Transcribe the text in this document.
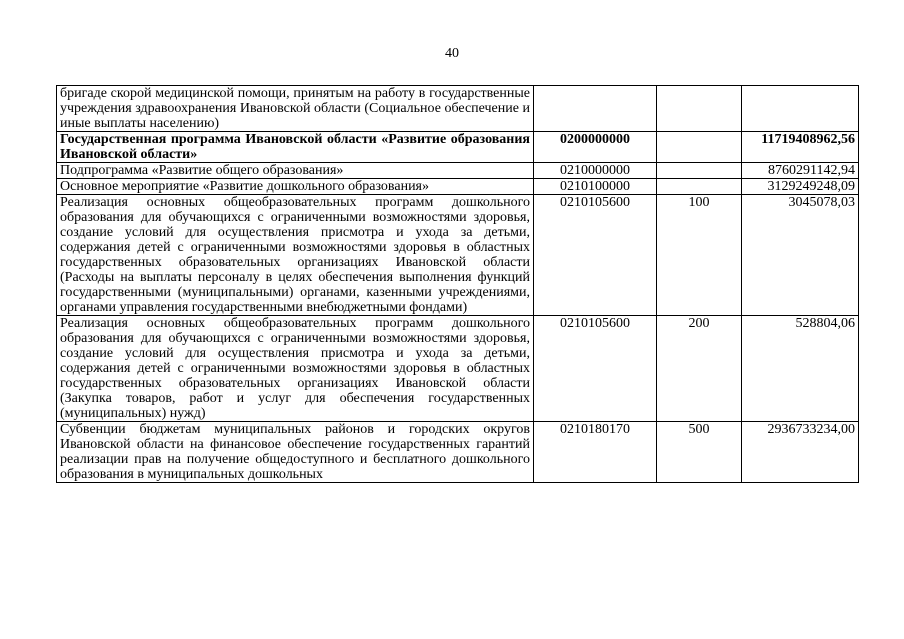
40
бригаде скорой медицинской помощи, принятым на работу в государственные учреждения здравоохранения Ивановской области (Социальное обеспечение и иные выплаты населению)			
Государственная программа Ивановской области «Развитие образования Ивановской области»	0200000000		11719408962,56
Подпрограмма «Развитие общего образования»	0210000000		8760291142,94
Основное мероприятие «Развитие дошкольного образования»	0210100000		3129249248,09
Реализация основных общеобразовательных программ дошкольного образования для обучающихся с ограниченными возможностями здоровья, создание условий для осуществления присмотра и ухода за детьми, содержания детей с ограниченными возможностями здоровья в областных государственных образовательных организациях Ивановской области (Расходы на выплаты персоналу в целях обеспечения выполнения функций государственными (муниципальными) органами, казенными учреждениями, органами управления государственными внебюджетными фондами)	0210105600	100	3045078,03
Реализация основных общеобразовательных программ дошкольного образования для обучающихся с ограниченными возможностями здоровья, создание условий для осуществления присмотра и ухода за детьми, содержания детей с ограниченными возможностями здоровья в областных государственных образовательных организациях Ивановской области (Закупка товаров, работ и услуг для обеспечения государственных (муниципальных) нужд)	0210105600	200	528804,06

Субвенции бюджетам муниципальных районов и городских округов Ивановской области на финансовое обеспечение государственных гарантий реализации прав на получение общедоступного и бесплатного дошкольного образования в муниципальных дошкольных	0210180170	500	2936733234,00
